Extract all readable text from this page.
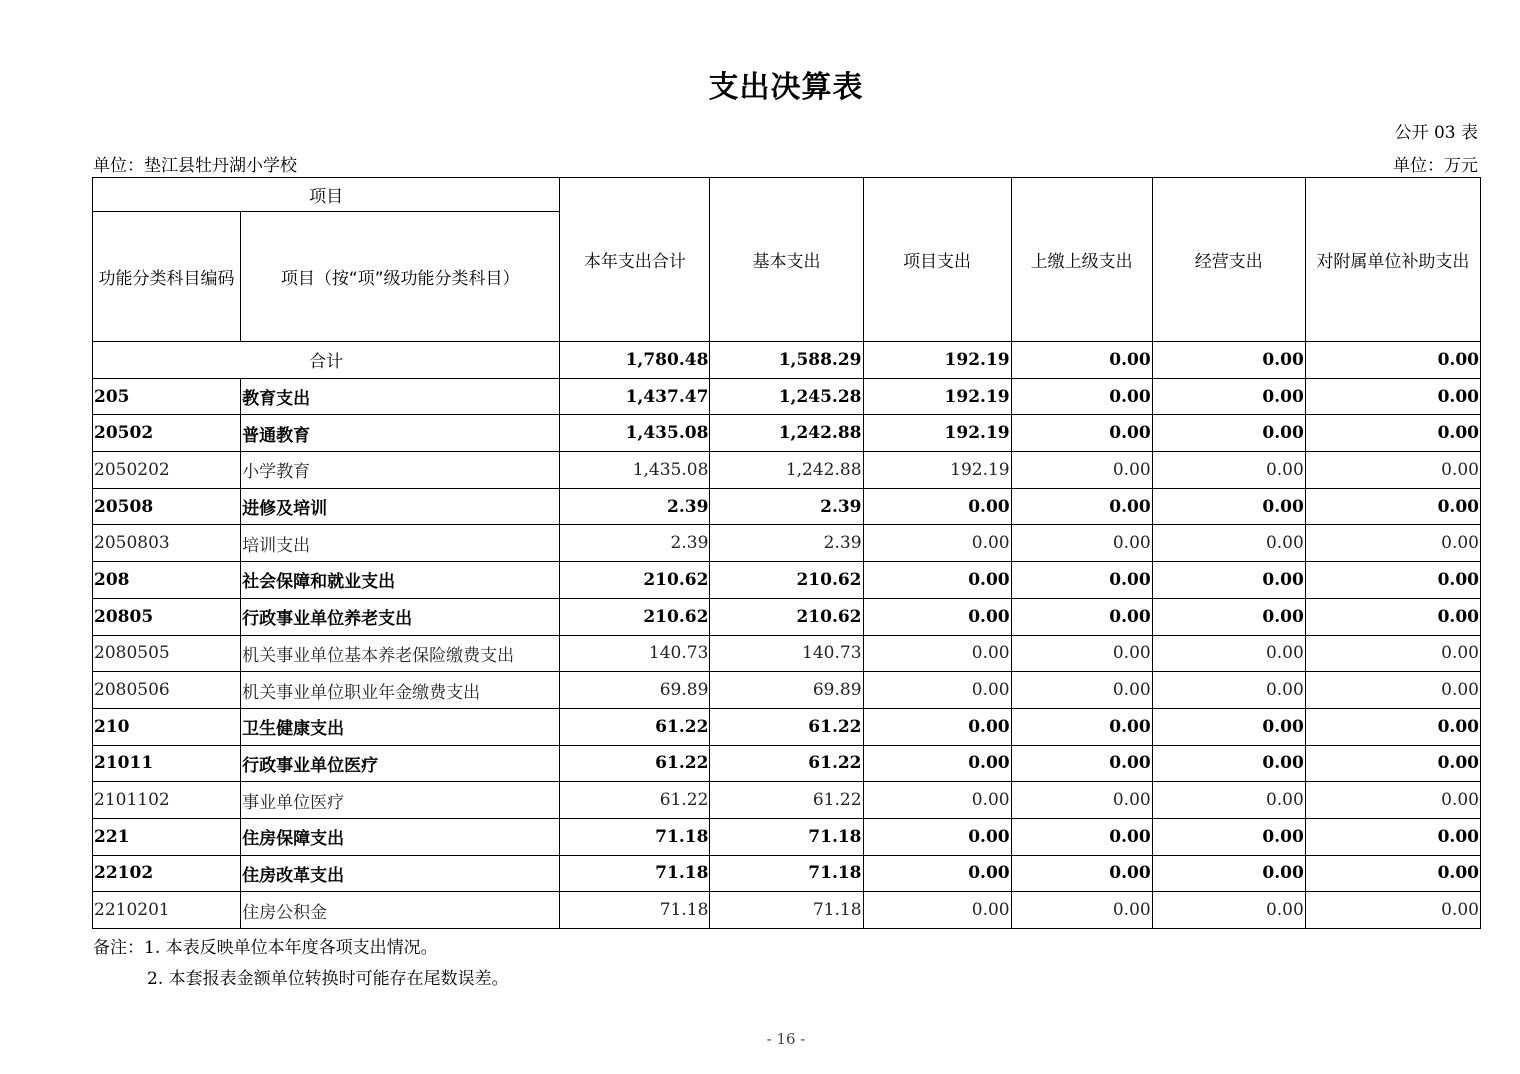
支出决算表
公开 03 表
单位：垫江县牡丹湖小学校	单位：万元
项目		本年支出合计	基本支出	项目支出	上缴上级支出	经营支出	对附属单位补助支出
功能分类科目编码	项目（按“项”级功能分类科目）						
合计		1,780.48	1,588.29	192.19	0.00	0.00	0.00
205	教育支出	1,437.47	1,245.28	192.19	0.00	0.00	0.00
20502	普通教育	1,435.08	1,242.88	192.19	0.00	0.00	0.00
2050202	小学教育	1,435.08	1,242.88	192.19	0.00	0.00	0.00
20508	进修及培训	2.39	2.39	0.00	0.00	0.00	0.00
2050803	培训支出	2.39	2.39	0.00	0.00	0.00	0.00
208	社会保障和就业支出	210.62	210.62	0.00	0.00	0.00	0.00
20805	行政事业单位养老支出	210.62	210.62	0.00	0.00	0.00	0.00
2080505	机关事业单位基本养老保险缴费支出	140.73	140.73	0.00	0.00	0.00	0.00
2080506	机关事业单位职业年金缴费支出	69.89	69.89	0.00	0.00	0.00	0.00
210	卫生健康支出	61.22	61.22	0.00	0.00	0.00	0.00
21011	行政事业单位医疗	61.22	61.22	0.00	0.00	0.00	0.00
2101102	事业单位医疗	61.22	61.22	0.00	0.00	0.00	0.00
221	住房保障支出	71.18	71.18	0.00	0.00	0.00	0.00
22102	住房改革支出	71.18	71.18	0.00	0.00	0.00	0.00
2210201	住房公积金	71.18	71.18	0.00	0.00	0.00	0.00
备注：1. 本表反映单位本年度各项支出情况。
2. 本套报表金额单位转换时可能存在尾数误差。
- 16 -
